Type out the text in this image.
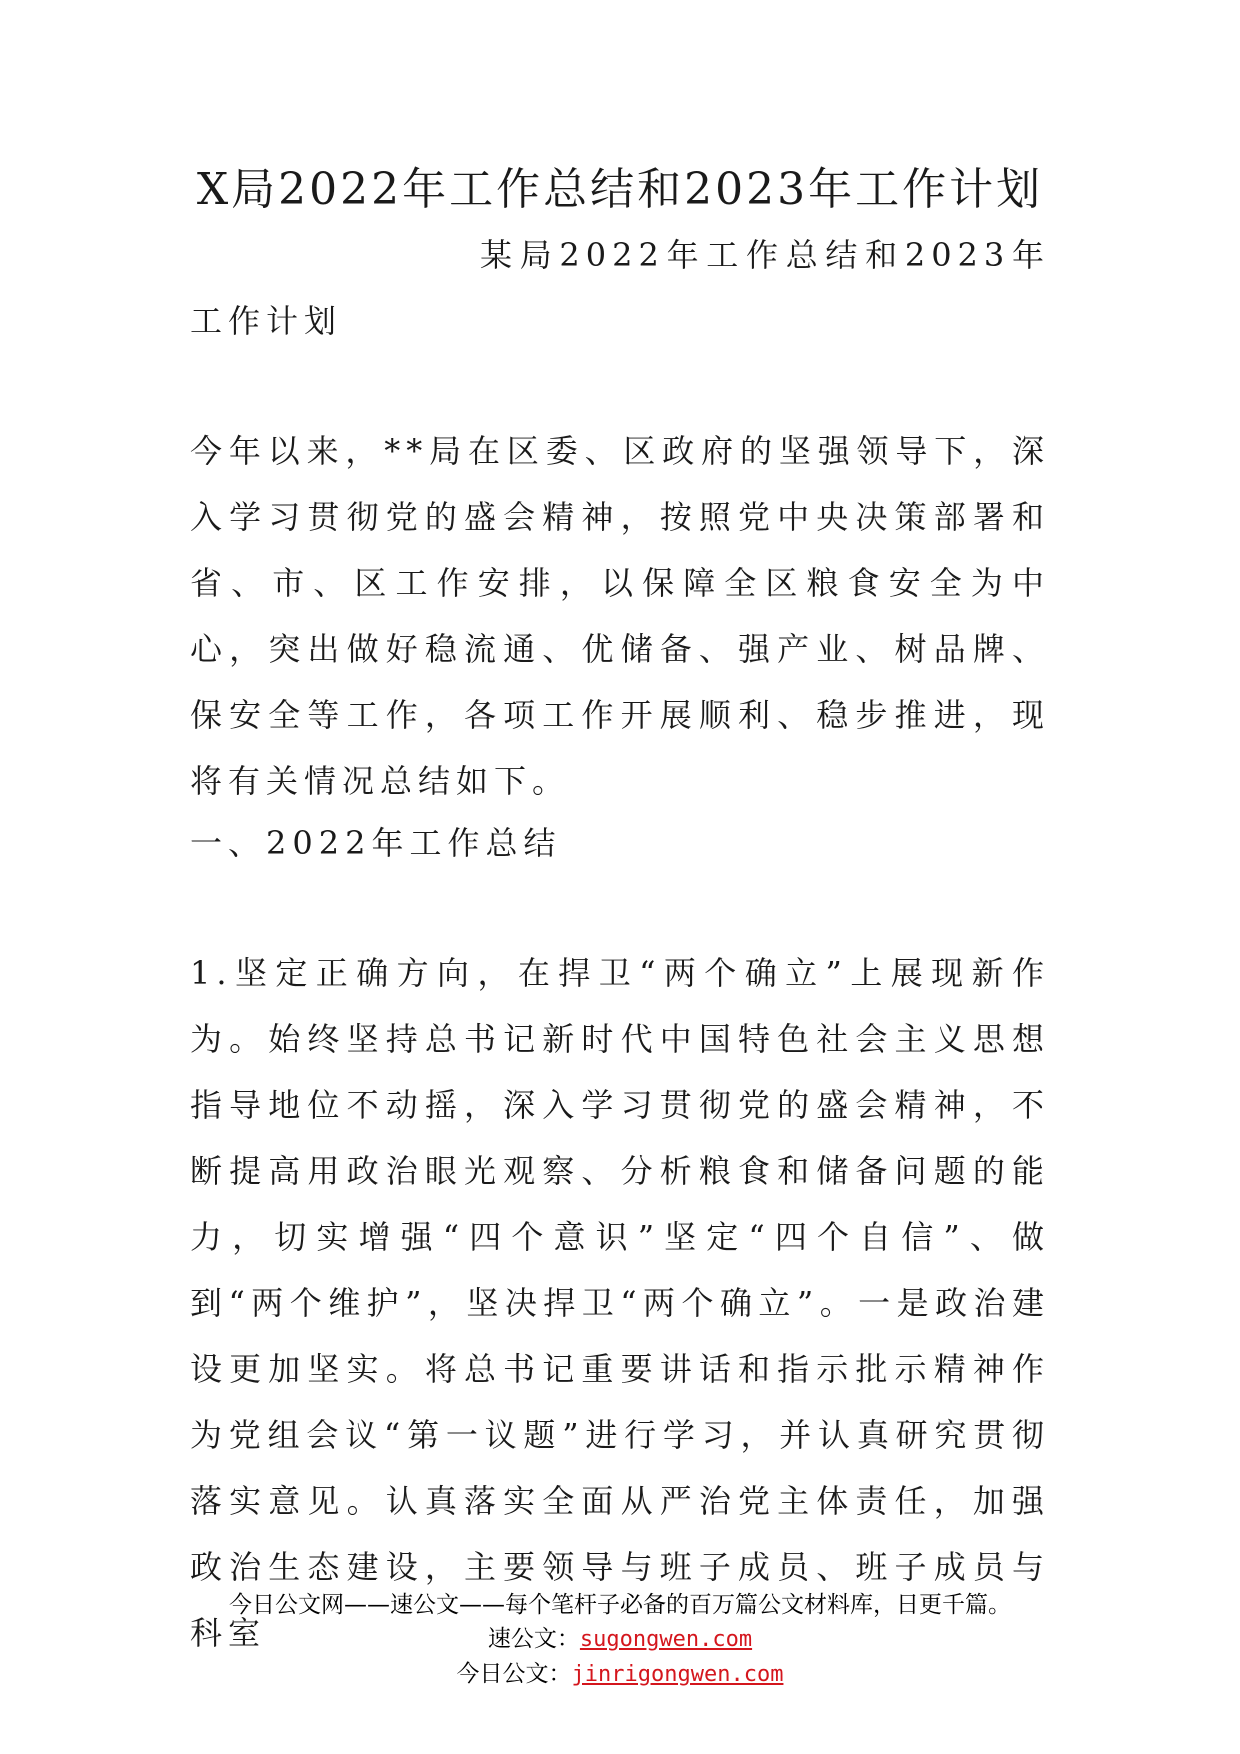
X局2022年工作总结和2023年工作计划

某局2022年工作总结和2023年工作计划

今年以来，**局在区委、区政府的坚强领导下，深入学习贯彻党的盛会精神，按照党中央决策部署和省、市、区工作安排，以保障全区粮食安全为中心，突出做好稳流通、优储备、强产业、树品牌、保安全等工作，各项工作开展顺利、稳步推进，现将有关情况总结如下。

一、2022年工作总结

1.坚定正确方向，在捍卫“两个确立”上展现新作为。始终坚持总书记新时代中国特色社会主义思想指导地位不动摇，深入学习贯彻党的盛会精神，不断提高用政治眼光观察、分析粮食和储备问题的能力，切实增强“四个意识”坚定“四个自信”、做到“两个维护”，坚决捍卫“两个确立”。一是政治建设更加坚实。将总书记重要讲话和指示批示精神作为党组会议“第一议题”进行学习，并认真研究贯彻落实意见。认真落实全面从严治党主体责任，加强政治生态建设，主要领导与班子成员、班子成员与科室

今日公文网——速公文——每个笔杆子必备的百万篇公文材料库，日更千篇。
速公文：sugongwen.com
今日公文：jinrigongwen.com
